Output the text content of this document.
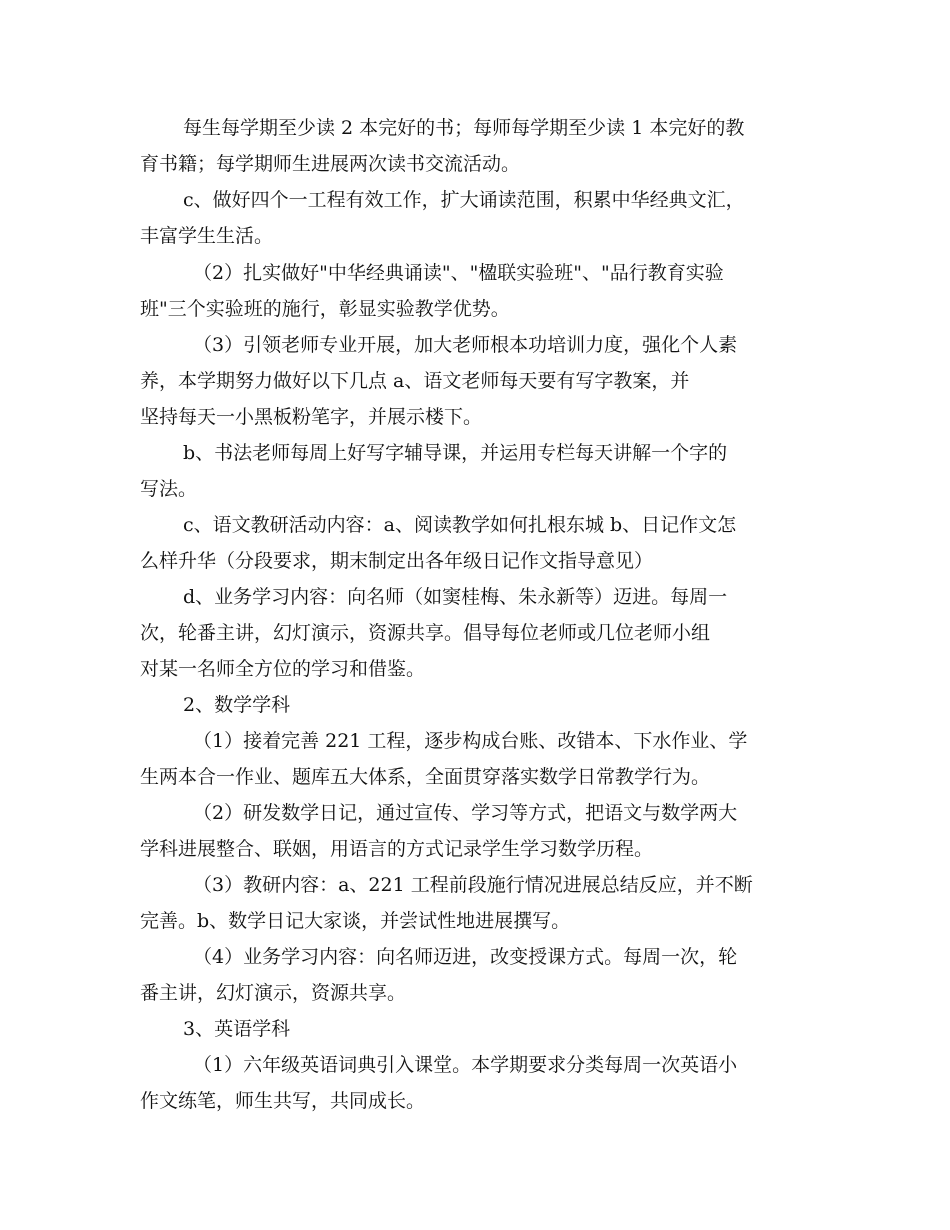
每生每学期至少读 2 本完好的书；每师每学期至少读 1 本完好的教
育书籍；每学期师生进展两次读书交流活动。
c、做好四个一工程有效工作，扩大诵读范围，积累中华经典文汇，
丰富学生生活。
（2）扎实做好"中华经典诵读"、"楹联实验班"、"品行教育实验
班"三个实验班的施行，彰显实验教学优势。
（3）引领老师专业开展，加大老师根本功培训力度，强化个人素
养，本学期努力做好以下几点 a、语文老师每天要有写字教案，并
坚持每天一小黑板粉笔字，并展示楼下。
b、书法老师每周上好写字辅导课，并运用专栏每天讲解一个字的
写法。
c、语文教研活动内容：a、阅读教学如何扎根东城 b、日记作文怎
么样升华（分段要求，期末制定出各年级日记作文指导意见）
d、业务学习内容：向名师（如窦桂梅、朱永新等）迈进。每周一
次，轮番主讲，幻灯演示，资源共享。倡导每位老师或几位老师小组
对某一名师全方位的学习和借鉴。
2、数学学科
（1）接着完善 221 工程，逐步构成台账、改错本、下水作业、学
生两本合一作业、题库五大体系，全面贯穿落实数学日常教学行为。
（2）研发数学日记，通过宣传、学习等方式，把语文与数学两大
学科进展整合、联姻，用语言的方式记录学生学习数学历程。
（3）教研内容：a、221 工程前段施行情况进展总结反应，并不断
完善。b、数学日记大家谈，并尝试性地进展撰写。
（4）业务学习内容：向名师迈进，改变授课方式。每周一次，轮
番主讲，幻灯演示，资源共享。
3、英语学科
（1）六年级英语词典引入课堂。本学期要求分类每周一次英语小
作文练笔，师生共写，共同成长。
